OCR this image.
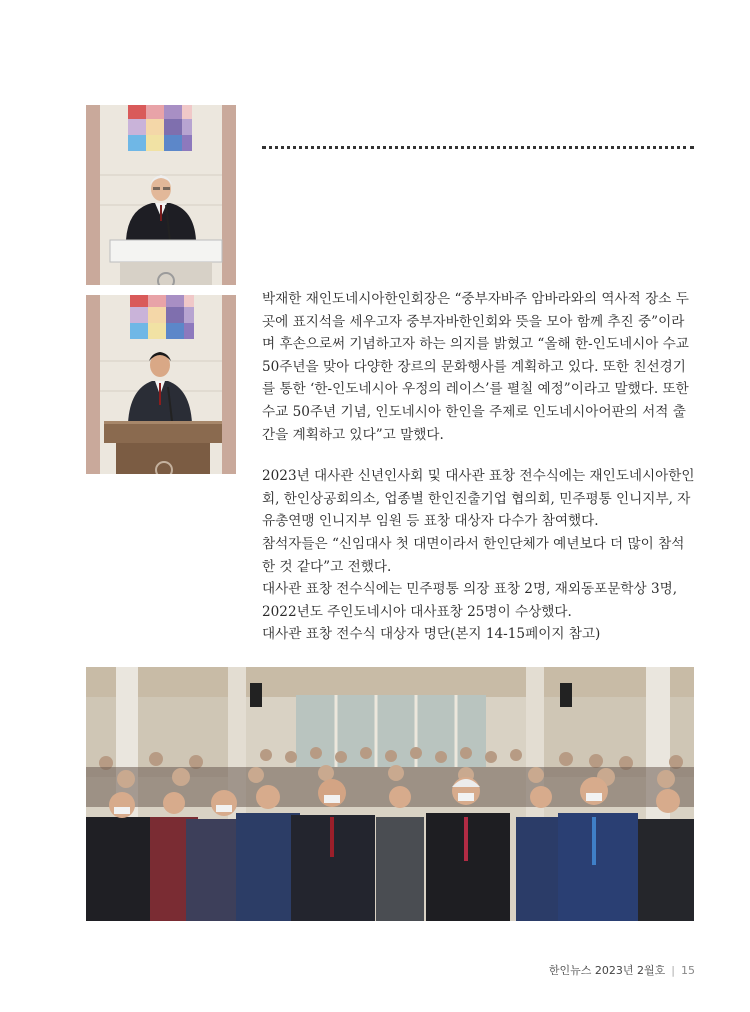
박재한 재인도네시아한인회장은 “중부자바주 암바라와의 역사적 장소 두 곳에 표지석을 세우고자 중부자바한인회와 뜻을 모아 함께 추진 중”이라며 후손으로써 기념하고자 하는 의지를 밝혔고 “올해 한-인도네시아 수교 50주년을 맞아 다양한 장르의 문화행사를 계획하고 있다. 또한 친선경기를 통한 ‘한-인도네시아 우정의 레이스’를 펼칠 예정”이라고 말했다. 또한 수교 50주년 기념, 인도네시아 한인을 주제로 인도네시아어판의 서적 출간을 계획하고 있다”고 말했다.

2023년 대사관 신년인사회 및 대사관 표창 전수식에는 재인도네시아한인회, 한인상공회의소, 업종별 한인진출기업 협의회, 민주평통 인니지부, 자유총연맹 인니지부 임원 등 표창 대상자 다수가 참여했다.

참석자들은 “신임대사 첫 대면이라서 한인단체가 예년보다 더 많이 참석한 것 같다”고 전했다.

대사관 표창 전수식에는 민주평통 의장 표창 2명, 재외동포문학상 3명, 2022년도 주인도네시아 대사표창 25명이 수상했다.

대사관 표창 전수식 대상자 명단(본지 14-15페이지 참고)

한인뉴스 2023년 2월호 | 15
